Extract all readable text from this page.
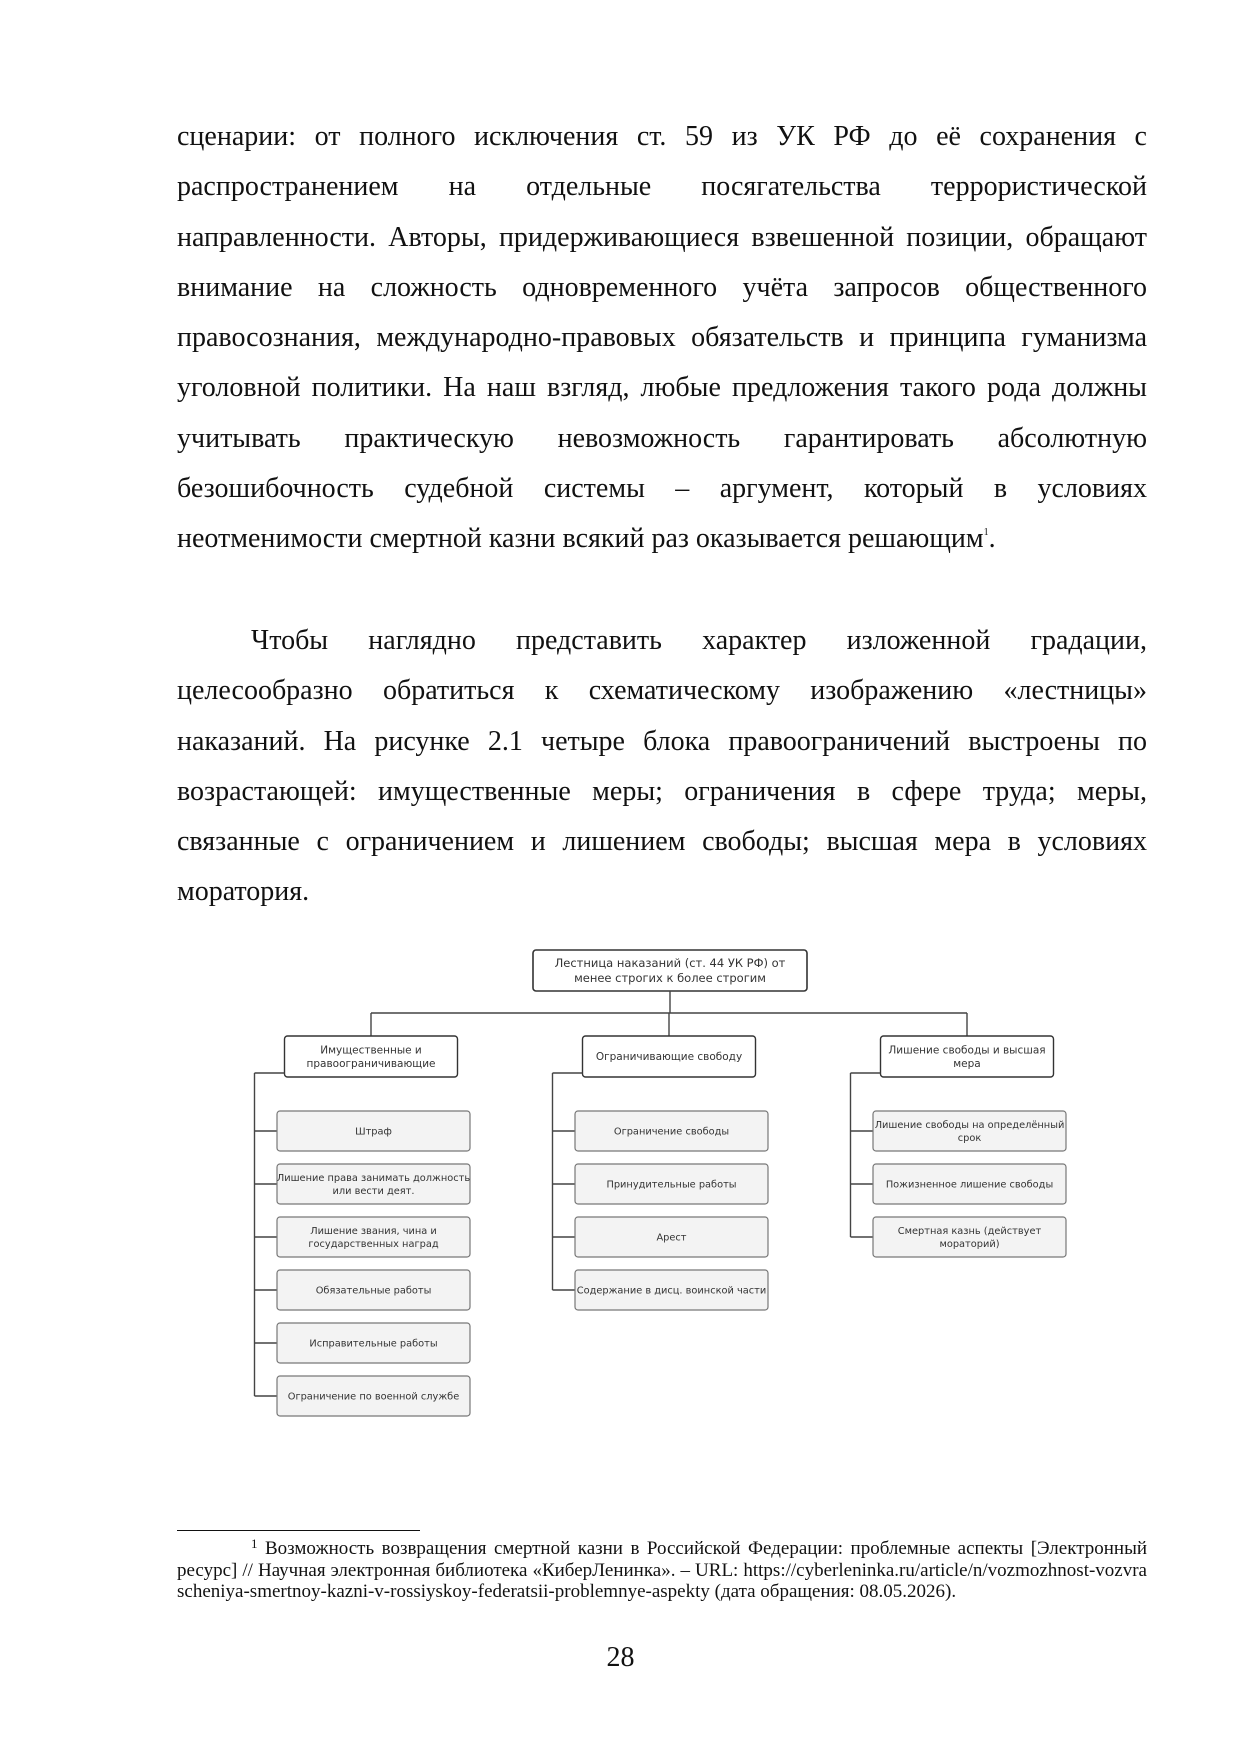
сценарии: от полного исключения ст. 59 из УК РФ до её сохранения с распространением на отдельные посягательства террористической направленности. Авторы, придерживающиеся взвешенной позиции, обращают внимание на сложность одновременного учёта запросов общественного правосознания, международно-правовых обязательств и принципа гуманизма уголовной политики. На наш взгляд, любые предложения такого рода должны учитывать практическую невозможность гарантировать абсолютную безошибочность судебной системы – аргумент, который в условиях неотменимости смертной казни всякий раз оказывается решающим$^1$.
Чтобы наглядно представить характер изложенной градации, целесообразно обратиться к схематическому изображению «лестницы» наказаний. На рисунке 2.1 четыре блока правоограничений выстроены по возрастающей: имущественные меры; ограничения в сфере труда; меры, связанные с ограничением и лишением свободы; высшая мера в условиях моратория.
Лестница наказаний (ст. 44 УК РФ) от менее строгих к более строгим
Имущественные и правоограничивающие
Штраф
Лишение права занимать должность или вести деят.
Лишение звания, чина и государственных наград
Обязательные работы
Исправительные работы
Ограничение по военной службе
Ограничивающие свободу
Ограничение свободы
Принудительные работы
Арест
Содержание в дисц. воинской части
Лишение свободы и высшая мера
Лишение свободы на определённый срок
Пожизненное лишение свободы
Смертная казнь (действует мораторий)
$^1$ Возможность возвращения смертной казни в Российской Федерации: проблемные аспекты [Электронный ресурс] // Научная электронная библиотека «КиберЛенинка». – URL: https://cyberleninka.ru/article/n/vozmozhnost-vozvrascheniya-smertnoy-kazni-v-rossiyskoy-federatsii-problemnye-aspekty (дата обращения: 08.05.2026).
28
